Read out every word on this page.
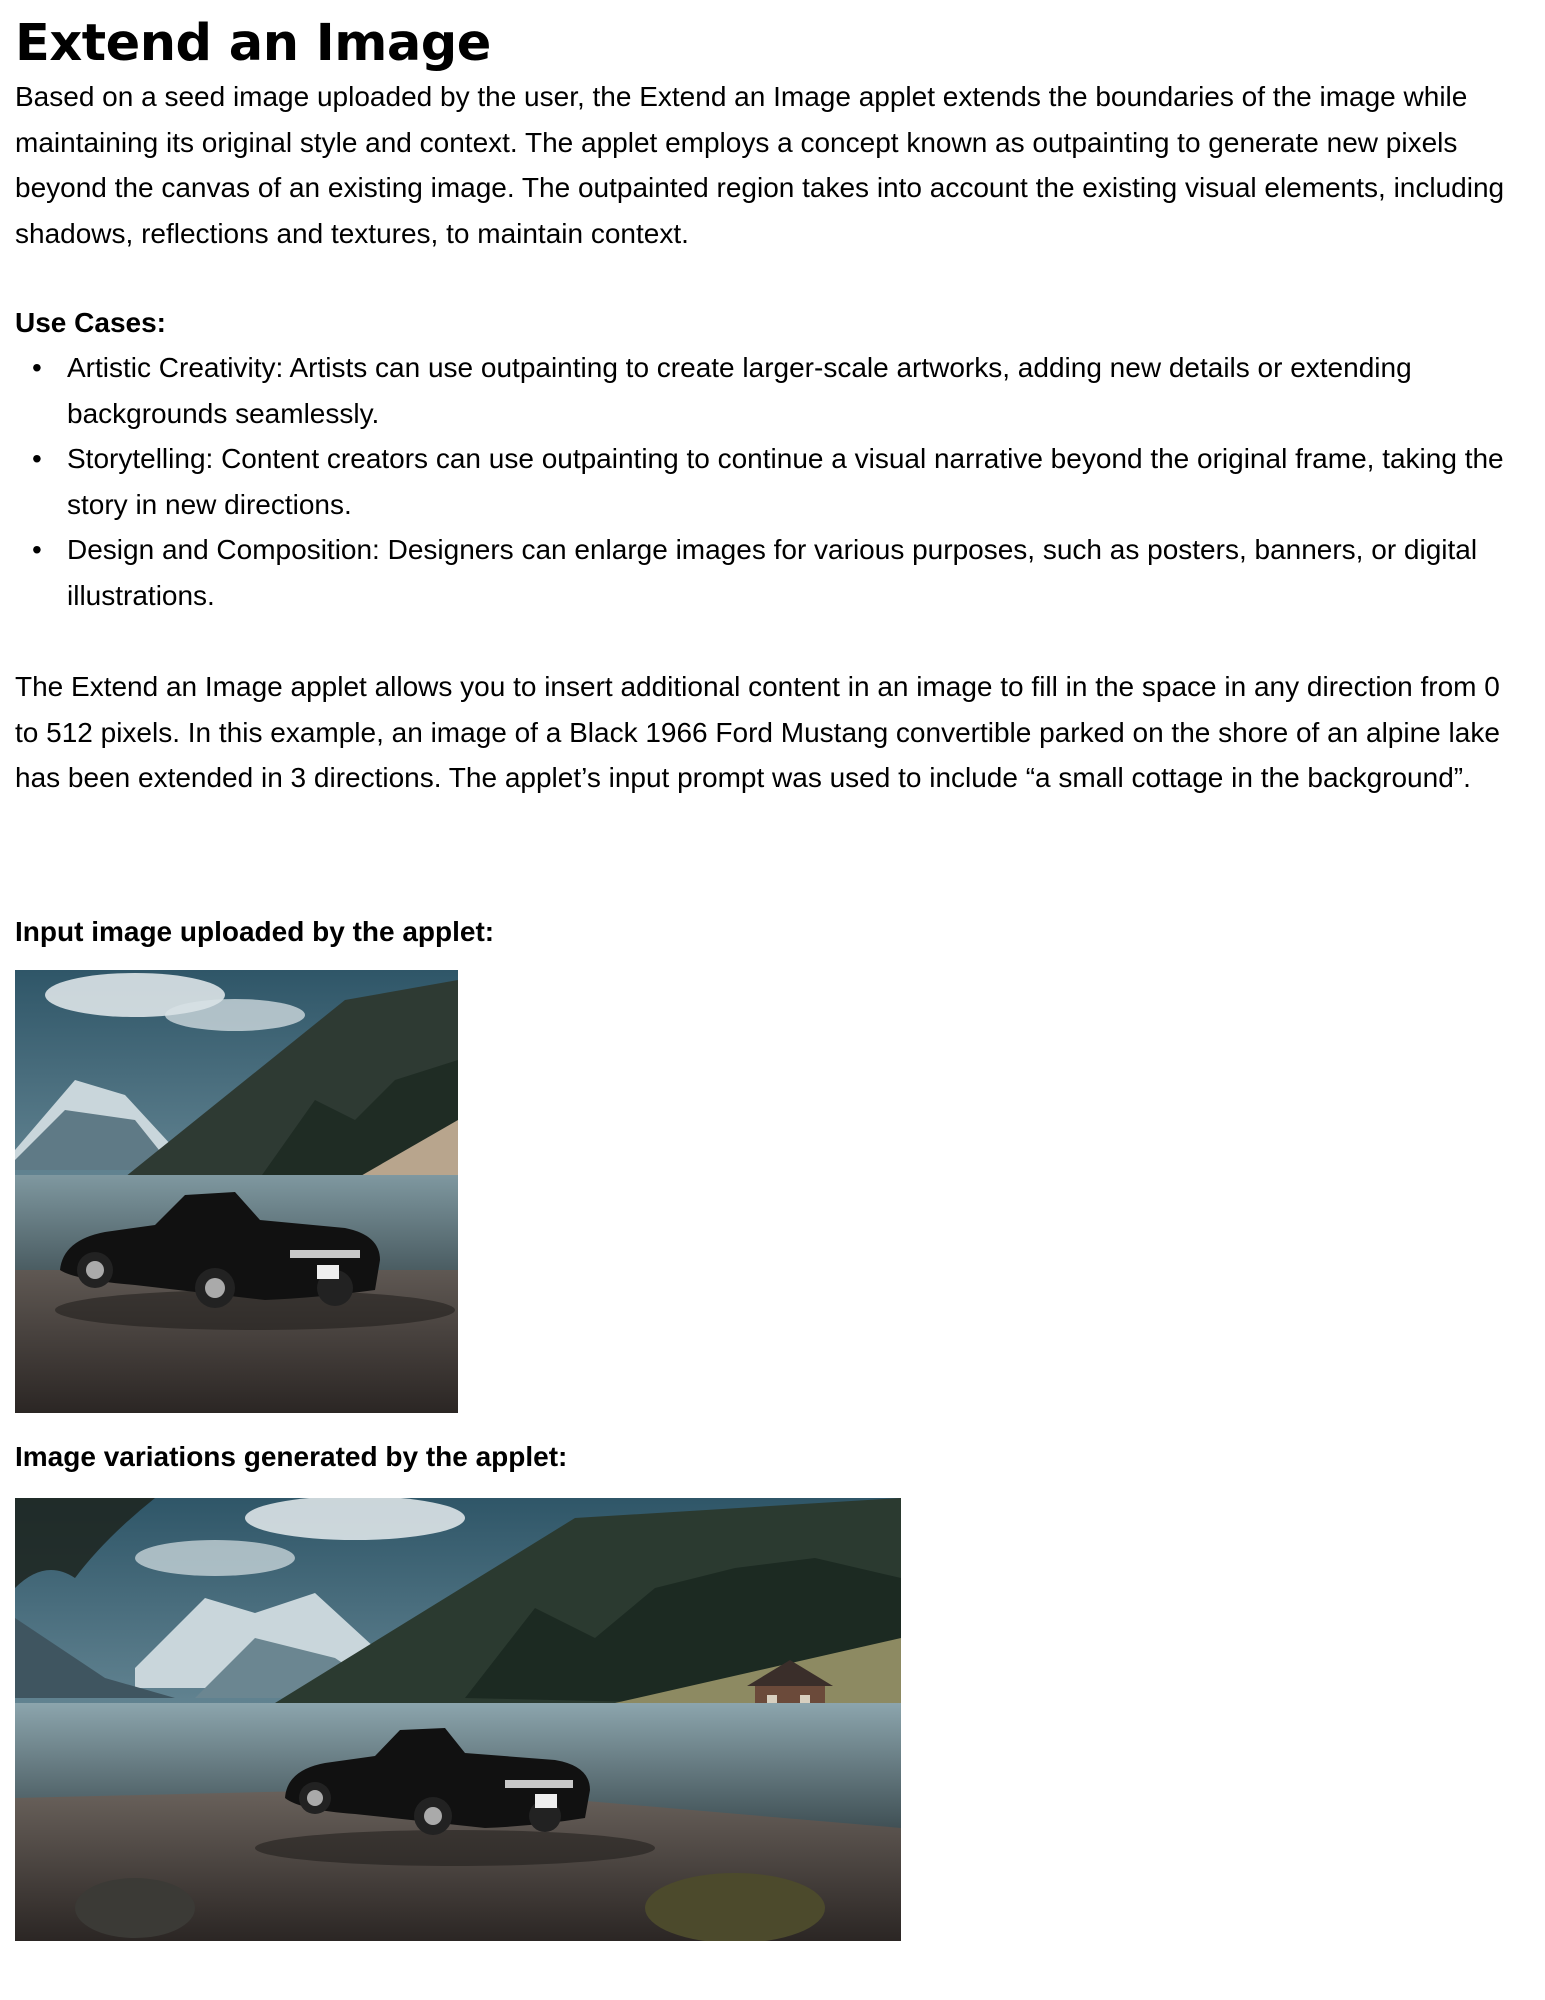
Extend an Image

Based on a seed image uploaded by the user, the Extend an Image applet extends the boundaries of the image while maintaining its original style and context. The applet employs a concept known as outpainting to generate new pixels beyond the canvas of an existing image. The outpainted region takes into account the existing visual elements, including shadows, reflections and textures, to maintain context.

Use Cases:

• Artistic Creativity: Artists can use outpainting to create larger-scale artworks, adding new details or extending backgrounds seamlessly.
• Storytelling: Content creators can use outpainting to continue a visual narrative beyond the original frame, taking the story in new directions.
• Design and Composition: Designers can enlarge images for various purposes, such as posters, banners, or digital illustrations.

The Extend an Image applet allows you to insert additional content in an image to fill in the space in any direction from 0 to 512 pixels. In this example, an image of a Black 1966 Ford Mustang convertible parked on the shore of an alpine lake has been extended in 3 directions. The applet’s input prompt was used to include “a small cottage in the background”.

Input image uploaded by the applet:

Image variations generated by the applet:
